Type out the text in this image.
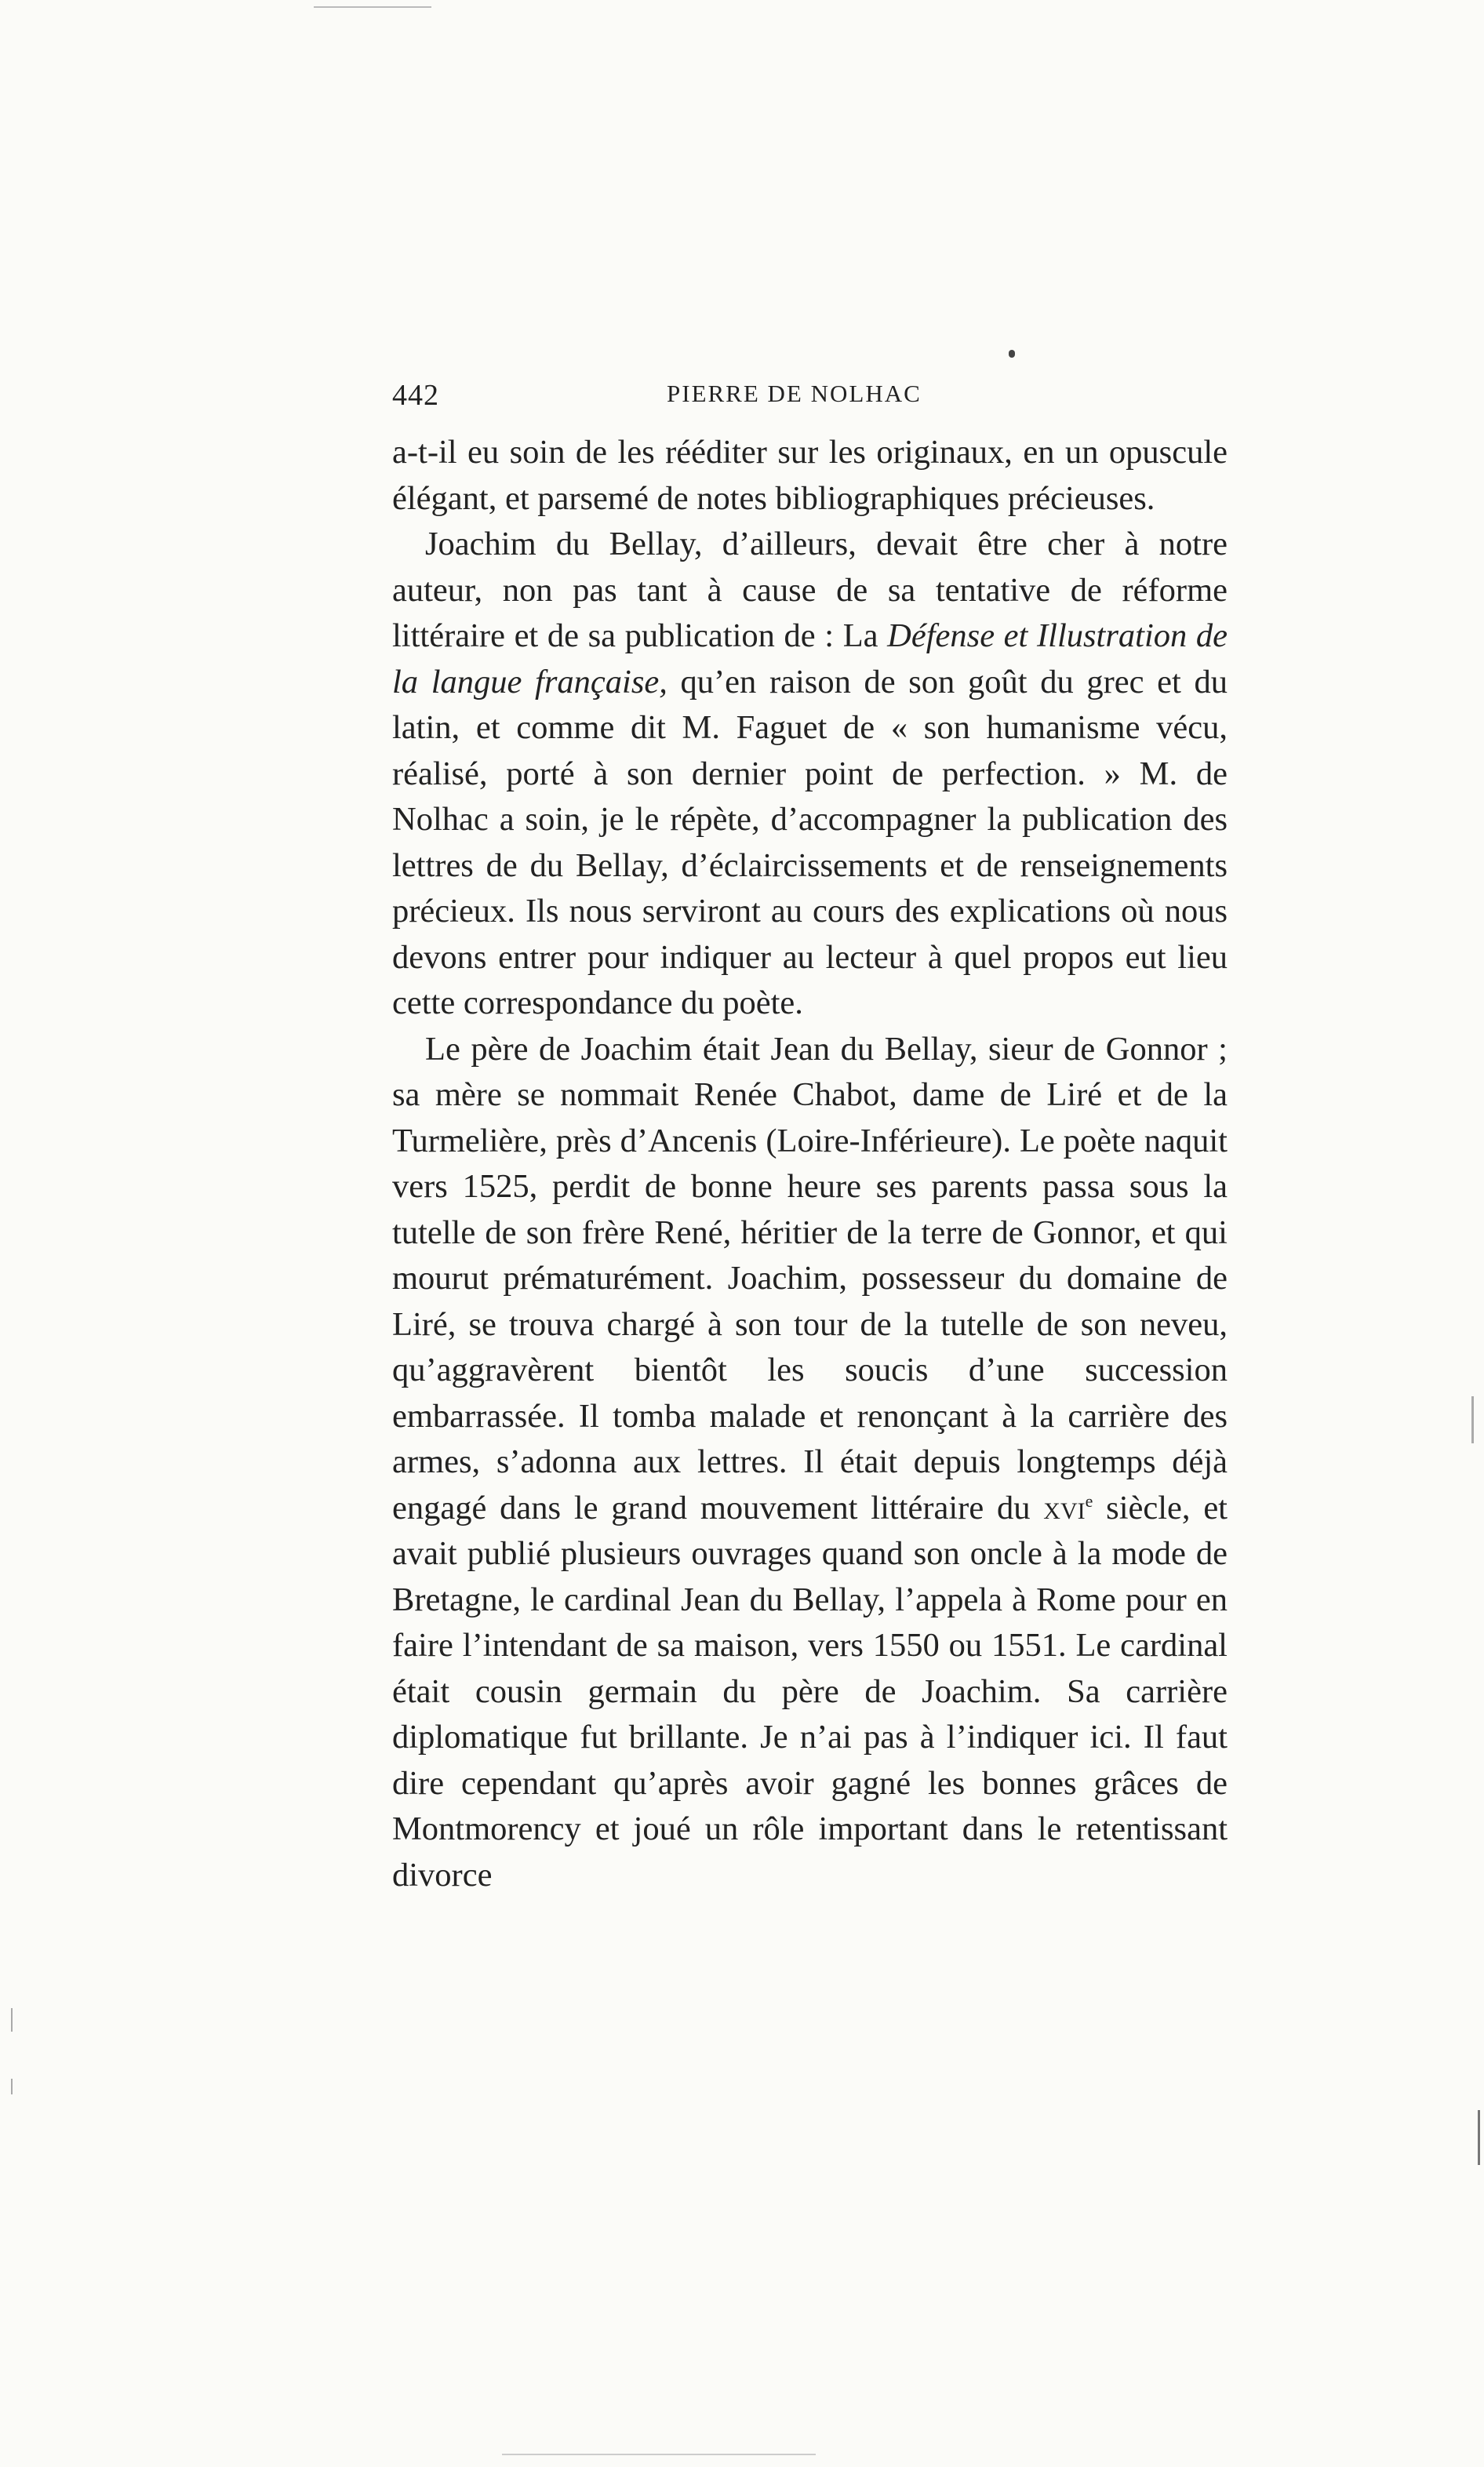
442	PIERRE DE NOLHAC

a-t-il eu soin de les rééditer sur les originaux, en un opuscule élégant, et parsemé de notes bibliographiques précieuses.

Joachim du Bellay, d’ailleurs, devait être cher à notre auteur, non pas tant à cause de sa tentative de réforme littéraire et de sa publication de : La Défense et Illustration de la langue française, qu’en raison de son goût du grec et du latin, et comme dit M. Faguet de « son humanisme vécu, réalisé, porté à son dernier point de perfection. » M. de Nolhac a soin, je le répète, d’accompagner la publication des lettres de du Bellay, d’éclaircissements et de renseignements précieux. Ils nous serviront au cours des explications où nous devons entrer pour indiquer au lecteur à quel propos eut lieu cette correspondance du poète.

Le père de Joachim était Jean du Bellay, sieur de Gonnor ; sa mère se nommait Renée Chabot, dame de Liré et de la Turmelière, près d’Ancenis (Loire-Inférieure). Le poète naquit vers 1525, perdit de bonne heure ses parents passa sous la tutelle de son frère René, héritier de la terre de Gonnor, et qui mourut prématurément. Joachim, possesseur du domaine de Liré, se trouva chargé à son tour de la tutelle de son neveu, qu’aggravèrent bientôt les soucis d’une succession embarrassée. Il tomba malade et renonçant à la carrière des armes, s’adonna aux lettres. Il était depuis longtemps déjà engagé dans le grand mouvement littéraire du xvi$^e$ siècle, et avait publié plusieurs ouvrages quand son oncle à la mode de Bretagne, le cardinal Jean du Bellay, l’appela à Rome pour en faire l’intendant de sa maison, vers 1550 ou 1551. Le cardinal était cousin germain du père de Joachim. Sa carrière diplomatique fut brillante. Je n’ai pas à l’indiquer ici. Il faut dire cependant qu’après avoir gagné les bonnes grâces de Montmorency et joué un rôle important dans le retentissant divorce
